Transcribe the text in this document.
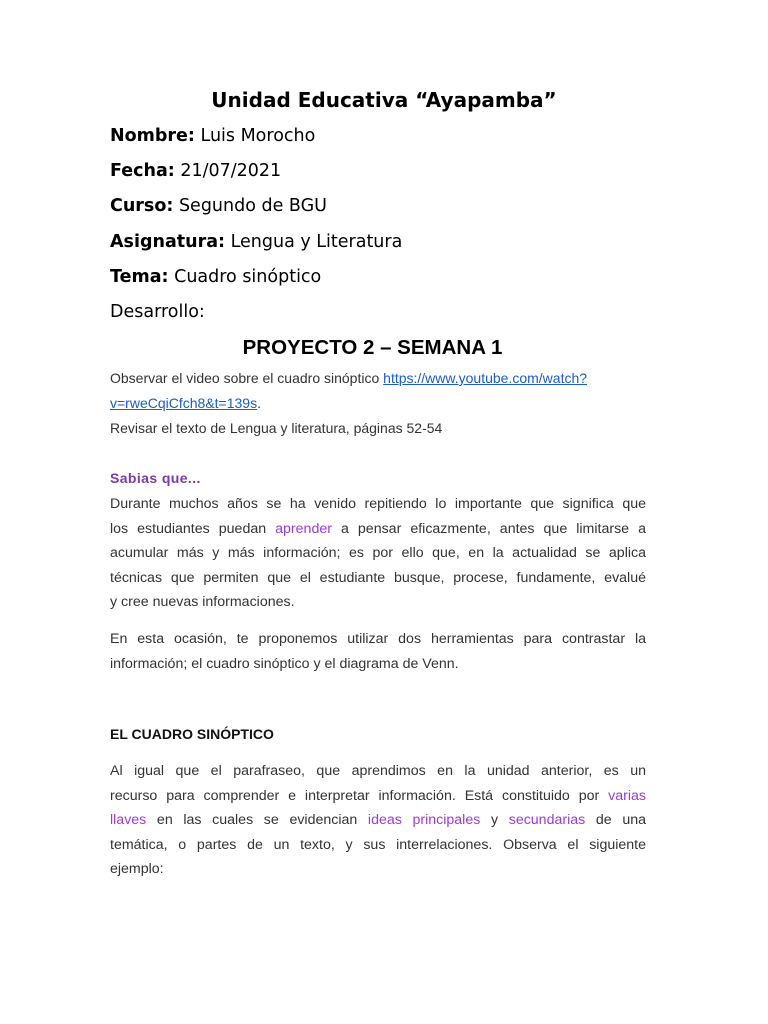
Unidad Educativa “Ayapamba”
Nombre: Luis Morocho
Fecha: 21/07/2021
Curso: Segundo de BGU
Asignatura: Lengua y Literatura
Tema: Cuadro sinóptico
Desarrollo:
PROYECTO 2 – SEMANA 1
Observar el video sobre el cuadro sinóptico https://www.youtube.com/watch?
v=rweCqiCfch8&t=139s.
Revisar el texto de Lengua y literatura, páginas 52-54
Sabias que...
Durante muchos años se ha venido repitiendo lo importante que significa que
los estudiantes puedan aprender a pensar eficazmente, antes que limitarse a
acumular más y más información; es por ello que, en la actualidad se aplica
técnicas que permiten que el estudiante busque, procese, fundamente, evalué
y cree nuevas informaciones.
En esta ocasión, te proponemos utilizar dos herramientas para contrastar la
información; el cuadro sinóptico y el diagrama de Venn.
EL CUADRO SINÓPTICO
Al igual que el parafraseo, que aprendimos en la unidad anterior, es un
recurso para comprender e interpretar información. Está constituido por varias
llaves en las cuales se evidencian ideas principales y secundarias de una
temática, o partes de un texto, y sus interrelaciones. Observa el siguiente
ejemplo:
